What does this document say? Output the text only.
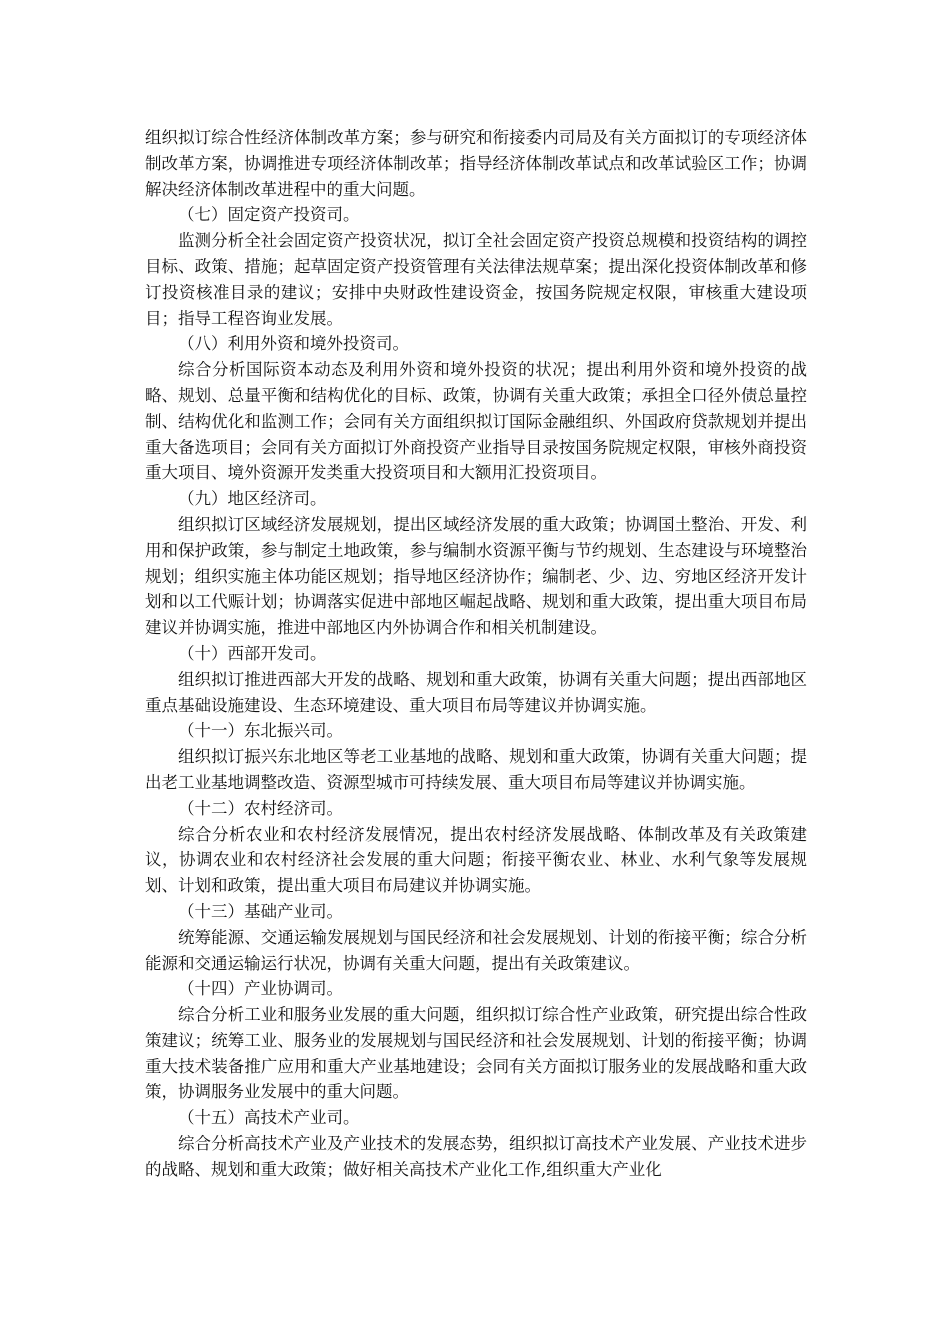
组织拟订综合性经济体制改革方案；参与研究和衔接委内司局及有关方面拟订的专项经济体制改革方案，协调推进专项经济体制改革；指导经济体制改革试点和改革试验区工作；协调解决经济体制改革进程中的重大问题。

（七）固定资产投资司。

监测分析全社会固定资产投资状况，拟订全社会固定资产投资总规模和投资结构的调控目标、政策、措施；起草固定资产投资管理有关法律法规草案；提出深化投资体制改革和修订投资核准目录的建议；安排中央财政性建设资金，按国务院规定权限，审核重大建设项目；指导工程咨询业发展。

（八）利用外资和境外投资司。

综合分析国际资本动态及利用外资和境外投资的状况；提出利用外资和境外投资的战略、规划、总量平衡和结构优化的目标、政策，协调有关重大政策；承担全口径外债总量控制、结构优化和监测工作；会同有关方面组织拟订国际金融组织、外国政府贷款规划并提出重大备选项目；会同有关方面拟订外商投资产业指导目录按国务院规定权限，审核外商投资重大项目、境外资源开发类重大投资项目和大额用汇投资项目。

（九）地区经济司。

组织拟订区域经济发展规划，提出区域经济发展的重大政策；协调国土整治、开发、利用和保护政策，参与制定土地政策，参与编制水资源平衡与节约规划、生态建设与环境整治规划；组织实施主体功能区规划；指导地区经济协作；编制老、少、边、穷地区经济开发计划和以工代赈计划；协调落实促进中部地区崛起战略、规划和重大政策，提出重大项目布局建议并协调实施，推进中部地区内外协调合作和相关机制建设。

（十）西部开发司。

组织拟订推进西部大开发的战略、规划和重大政策，协调有关重大问题；提出西部地区重点基础设施建设、生态环境建设、重大项目布局等建议并协调实施。

（十一）东北振兴司。

组织拟订振兴东北地区等老工业基地的战略、规划和重大政策，协调有关重大问题；提出老工业基地调整改造、资源型城市可持续发展、重大项目布局等建议并协调实施。

（十二）农村经济司。

综合分析农业和农村经济发展情况，提出农村经济发展战略、体制改革及有关政策建议，协调农业和农村经济社会发展的重大问题；衔接平衡农业、林业、水利气象等发展规划、计划和政策，提出重大项目布局建议并协调实施。

（十三）基础产业司。

统筹能源、交通运输发展规划与国民经济和社会发展规划、计划的衔接平衡；综合分析能源和交通运输运行状况，协调有关重大问题，提出有关政策建议。

（十四）产业协调司。

综合分析工业和服务业发展的重大问题，组织拟订综合性产业政策，研究提出综合性政策建议；统筹工业、服务业的发展规划与国民经济和社会发展规划、计划的衔接平衡；协调重大技术装备推广应用和重大产业基地建设；会同有关方面拟订服务业的发展战略和重大政策，协调服务业发展中的重大问题。

（十五）高技术产业司。

综合分析高技术产业及产业技术的发展态势，组织拟订高技术产业发展、产业技术进步的战略、规划和重大政策；做好相关高技术产业化工作,组织重大产业化
